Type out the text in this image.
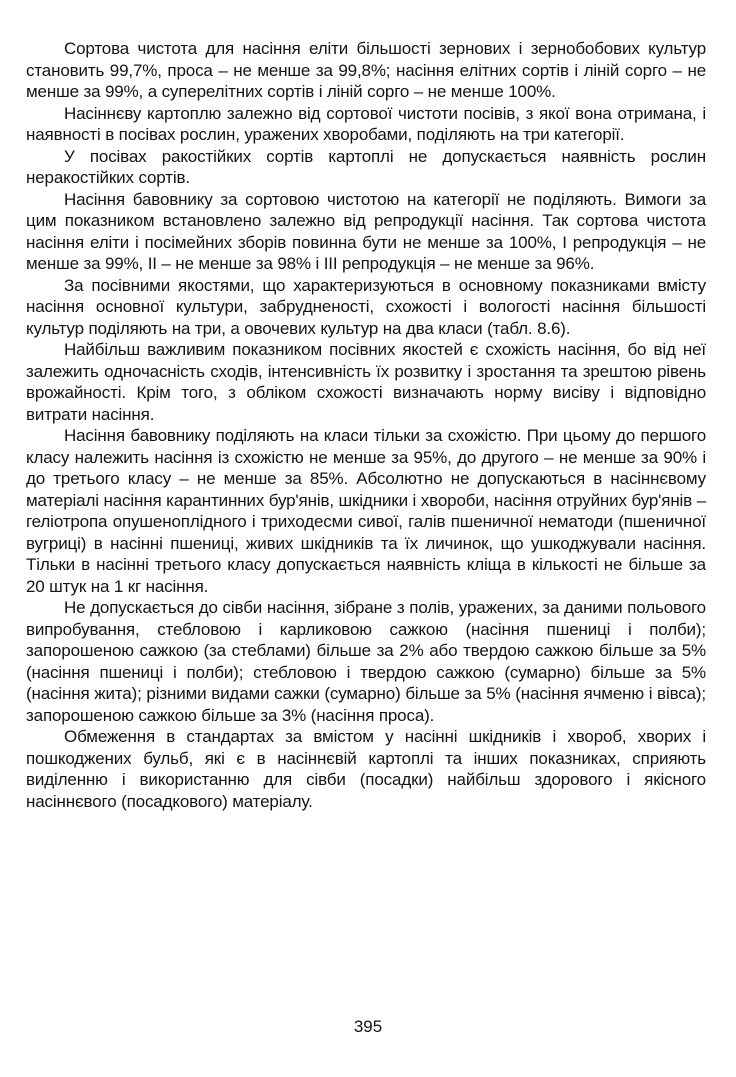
Сортова чистота для насіння еліти більшості зернових і зернобобових культур становить 99,7%, проса – не менше за 99,8%; насіння елітних сортів і ліній сорго – не менше за 99%, а суперелітних сортів і ліній сорго – не менше 100%.

Насіннєву картоплю залежно від сортової чистоти посівів, з якої вона отримана, і наявності в посівах рослин, уражених хворобами, поділяють на три категорії.

У посівах ракостійких сортів картоплі не допускається наявність рослин неракостійких сортів.

Насіння бавовнику за сортовою чистотою на категорії не поділяють. Вимоги за цим показником встановлено залежно від репродукції насіння. Так сортова чистота насіння еліти і посімейних зборів повинна бути не менше за 100%, І репродукція – не менше за 99%, ІІ – не менше за 98% і ІІІ репродукція – не менше за 96%.

За посівними якостями, що характеризуються в основному показниками вмісту насіння основної культури, забрудненості, схожості і вологості насіння більшості культур поділяють на три, а овочевих культур на два класи (табл. 8.6).

Найбільш важливим показником посівних якостей є схожість насіння, бо від неї залежить одночасність сходів, інтенсивність їх розвитку і зростання та зрештою рівень врожайності. Крім того, з обліком схожості визначають норму висіву і відповідно витрати насіння.

Насіння бавовнику поділяють на класи тільки за схожістю. При цьому до першого класу належить насіння із схожістю не менше за 95%, до другого – не менше за 90% і до третього класу – не менше за 85%. Абсолютно не допускаються в насіннєвому матеріалі насіння карантинних бур'янів, шкідники і хвороби, насіння отруйних бур'янів – геліотропа опушеноплідного і триходесми сивої, галів пшеничної нематоди (пшеничної вугриці) в насінні пшениці, живих шкідників та їх личинок, що ушкоджували насіння. Тільки в насінні третього класу допускається наявність кліща в кількості не більше за 20 штук на 1 кг насіння.

Не допускається до сівби насіння, зібране з полів, уражених, за даними польового випробування, стебловою і карликовою сажкою (насіння пшениці і полби); запорошеною сажкою (за стеблами) більше за 2% або твердою сажкою більше за 5% (насіння пшениці і полби); стебловою і твердою сажкою (сумарно) більше за 5% (насіння жита); різними видами сажки (сумарно) більше за 5% (насіння ячменю і вівса); запорошеною сажкою більше за 3% (насіння проса).

Обмеження в стандартах за вмістом у насінні шкідників і хвороб, хворих і пошкоджених бульб, які є в насіннєвій картоплі та інших показниках, сприяють виділенню і використанню для сівби (посадки) найбільш здорового і якісного насіннєвого (посадкового) матеріалу.

395
